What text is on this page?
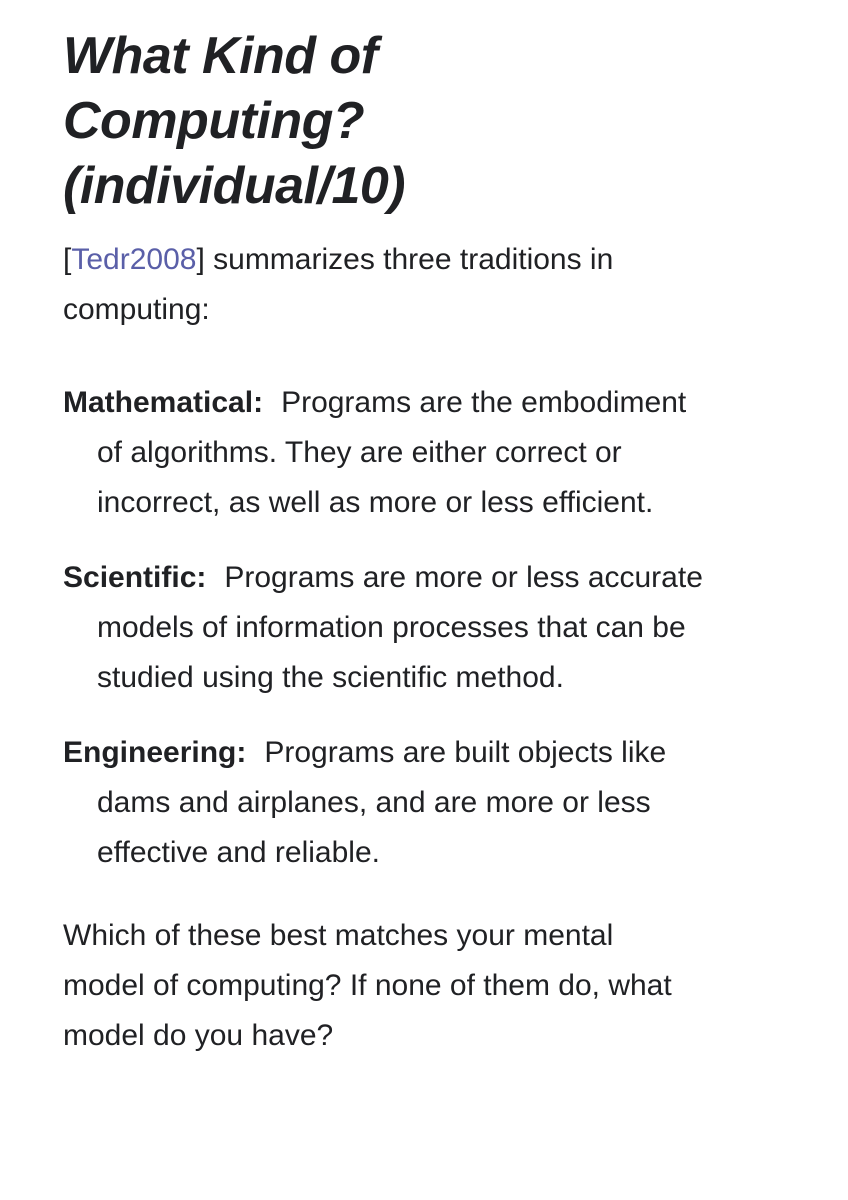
What Kind of
Computing?
(individual/10)

[Tedr2008] summarizes three traditions in computing:

Mathematical: Programs are the embodiment of algorithms. They are either correct or incorrect, as well as more or less efficient.
Scientific: Programs are more or less accurate models of information processes that can be studied using the scientific method.
Engineering: Programs are built objects like dams and airplanes, and are more or less effective and reliable.

Which of these best matches your mental model of computing? If none of them do, what model do you have?
